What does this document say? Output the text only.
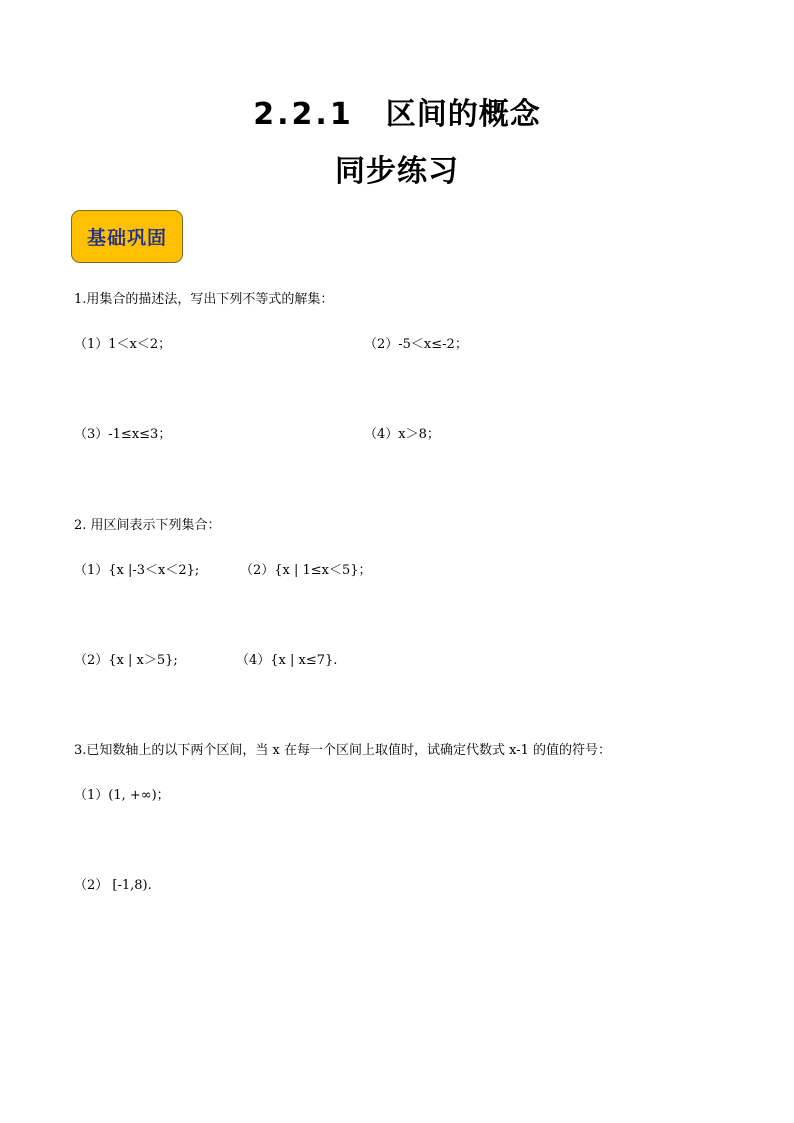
2.2.1 区间的概念
同步练习
基础巩固
1.用集合的描述法，写出下列不等式的解集：
（1）1＜x＜2；	（2）-5＜x≤-2；
（3）-1≤x≤3；	（4）x＞8；
2. 用区间表示下列集合：
（1）{x |-3＜x＜2};	（2）{x | 1≤x＜5}；
（2）{x | x＞5};	（4）{x | x≤7}.
3.已知数轴上的以下两个区间，当 x 在每一个区间上取值时，试确定代数式 x-1 的值的符号：
（1）(1, +∞)；
（2） [-1,8).
